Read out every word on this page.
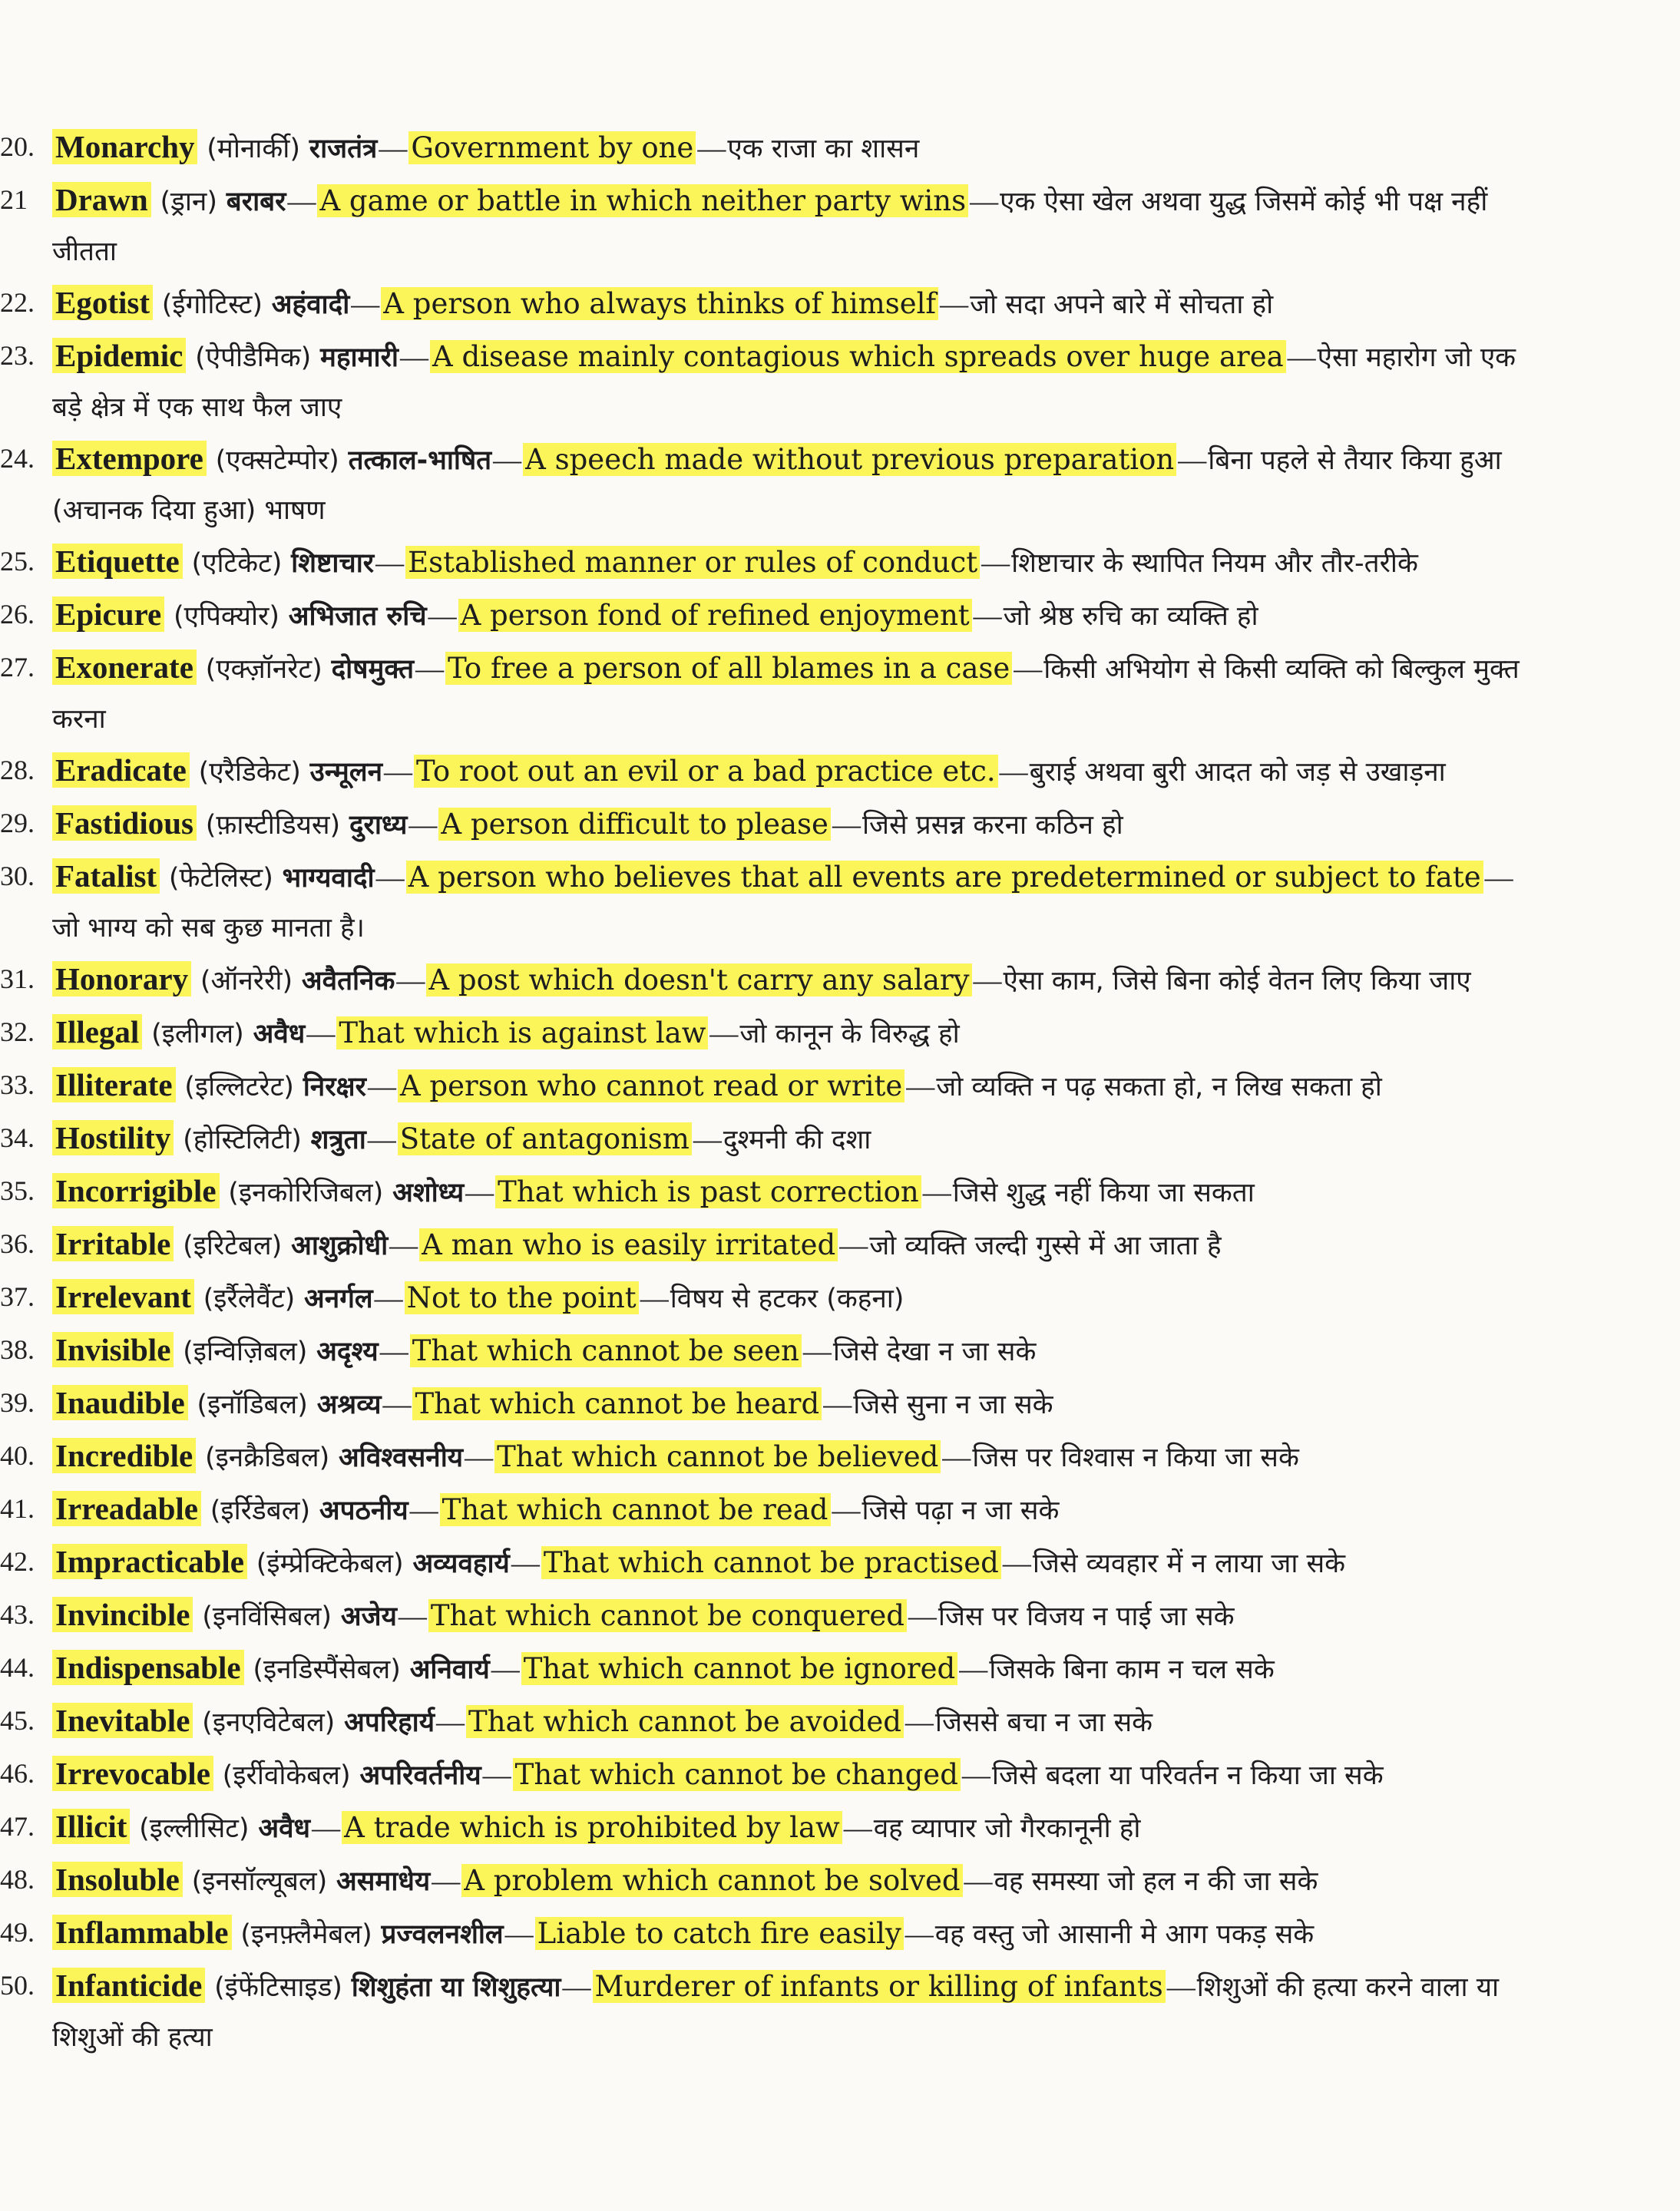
20. Monarchy (मोनार्की) राजतंत्र— Government by one —एक राजा का शासन
21 Drawn (ड्रान) बराबर— A game or battle in which neither party wins —एक ऐसा खेल अथवा युद्ध जिसमें कोई भी पक्ष नहीं जीतता
22. Egotist (ईगोटिस्ट) अहंवादी— A person who always thinks of himself —जो सदा अपने बारे में सोचता हो
23. Epidemic (ऐपीडैमिक) महामारी— A disease mainly contagious which spreads over huge area —ऐसा महारोग जो एक बड़े क्षेत्र में एक साथ फैल जाए
24. Extempore (एक्सटेम्पोर) तत्काल-भाषित— A speech made without previous preparation —बिना पहले से तैयार किया हुआ (अचानक दिया हुआ) भाषण
25. Etiquette (एटिकेट) शिष्टाचार— Established manner or rules of conduct —शिष्टाचार के स्थापित नियम और तौर-तरीके
26. Epicure (एपिक्योर) अभिजात रुचि— A person fond of refined enjoyment —जो श्रेष्ठ रुचि का व्यक्ति हो
27. Exonerate (एक्ज़ॉनरेट) दोषमुक्त— To free a person of all blames in a case —किसी अभियोग से किसी व्यक्ति को बिल्कुल मुक्त करना
28. Eradicate (एरैडिकेट) उन्मूलन— To root out an evil or a bad practice etc. —बुराई अथवा बुरी आदत को जड़ से उखाड़ना
29. Fastidious (फ़ास्टीडियस) दुराध्य— A person difficult to please —जिसे प्रसन्न करना कठिन हो
30. Fatalist (फेटेलिस्ट) भाग्यवादी— A person who believes that all events are predetermined or subject to fate —जो भाग्य को सब कुछ मानता है।
31. Honorary (ऑनरेरी) अवैतनिक— A post which doesn't carry any salary —ऐसा काम, जिसे बिना कोई वेतन लिए किया जाए
32. Illegal (इलीगल) अवैध— That which is against law —जो कानून के विरुद्ध हो
33. Illiterate (इल्लिटरेट) निरक्षर— A person who cannot read or write —जो व्यक्ति न पढ़ सकता हो, न लिख सकता हो
34. Hostility (होस्टिलिटी) शत्रुता— State of antagonism —दुश्मनी की दशा
35. Incorrigible (इनकोरिजिबल) अशोध्य— That which is past correction —जिसे शुद्ध नहीं किया जा सकता
36. Irritable (इरिटेबल) आशुक्रोधी— A man who is easily irritated —जो व्यक्ति जल्दी गुस्से में आ जाता है
37. Irrelevant (इर्रैलेवैंट) अनर्गल— Not to the point —विषय से हटकर (कहना)
38. Invisible (इन्विज़िबल) अदृश्य— That which cannot be seen —जिसे देखा न जा सके
39. Inaudible (इनॉडिबल) अश्रव्य— That which cannot be heard —जिसे सुना न जा सके
40. Incredible (इनक्रैडिबल) अविश्वसनीय— That which cannot be believed —जिस पर विश्वास न किया जा सके
41. Irreadable (इर्रिडेबल) अपठनीय— That which cannot be read —जिसे पढ़ा न जा सके
42. Impracticable (इंम्प्रेक्टिकेबल) अव्यवहार्य— That which cannot be practised —जिसे व्यवहार में न लाया जा सके
43. Invincible (इनविंसिबल) अजेय— That which cannot be conquered —जिस पर विजय न पाई जा सके
44. Indispensable (इनडिस्पैंसेबल) अनिवार्य— That which cannot be ignored —जिसके बिना काम न चल सके
45. Inevitable (इनएविटेबल) अपरिहार्य— That which cannot be avoided —जिससे बचा न जा सके
46. Irrevocable (इर्रीवोकेबल) अपरिवर्तनीय— That which cannot be changed —जिसे बदला या परिवर्तन न किया जा सके
47. Illicit (इल्लीसिट) अवैध— A trade which is prohibited by law —वह व्यापार जो गैरकानूनी हो
48. Insoluble (इनसॉल्यूबल) असमाधेय— A problem which cannot be solved —वह समस्या जो हल न की जा सके
49. Inflammable (इनफ़्लैमेबल) प्रज्वलनशील— Liable to catch fire easily —वह वस्तु जो आसानी मे आग पकड़ सके
50. Infanticide (इंफेंटिसाइड) शिशुहंता या शिशुहत्या— Murderer of infants or killing of infants —शिशुओं की हत्या करने वाला या शिशुओं की हत्या
